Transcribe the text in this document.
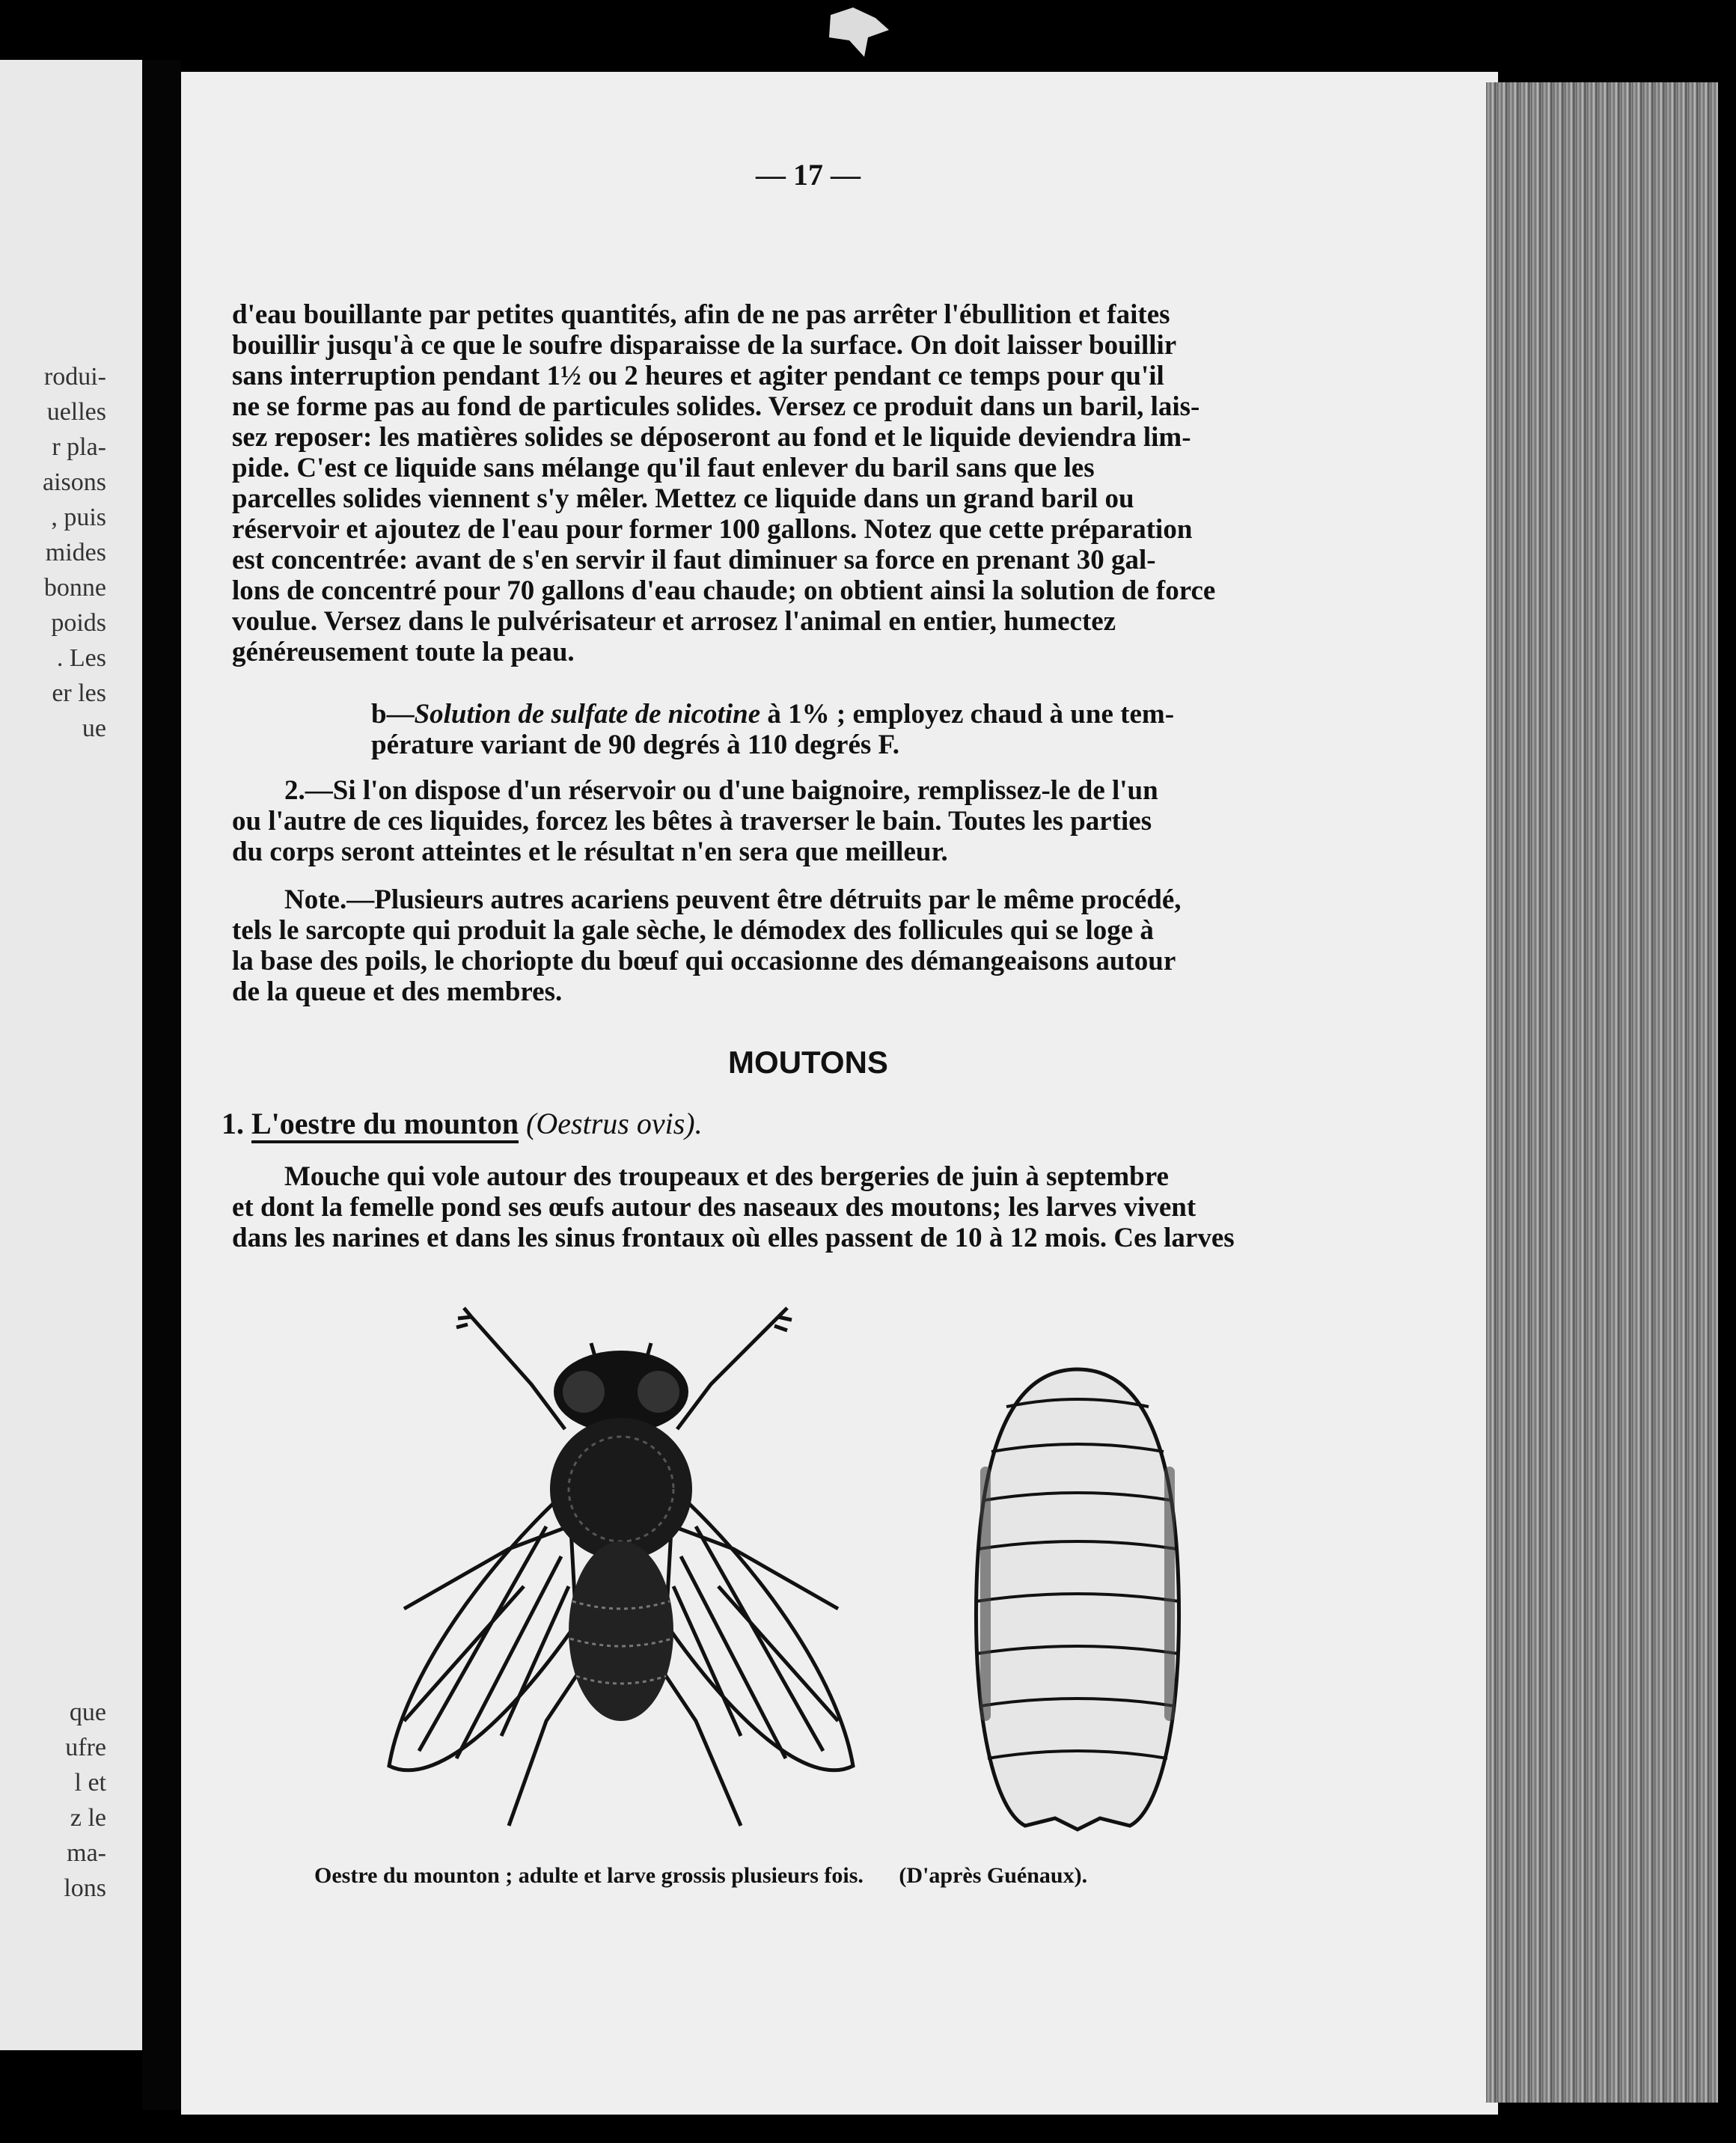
rodui-
uelles
r pla-
aisons
, puis
mides
bonne
poids
. Les
er les
ue
que
ufre
l et
z le
ma-
lons
— 17 —

d'eau bouillante par petites quantités, afin de ne pas arrêter l'ébullition et faites

bouillir jusqu'à ce que le soufre disparaisse de la surface. On doit laisser bouillir

sans interruption pendant 1½ ou 2 heures et agiter pendant ce temps pour qu'il

ne se forme pas au fond de particules solides. Versez ce produit dans un baril, lais-

sez reposer: les matières solides se déposeront au fond et le liquide deviendra lim-

pide. C'est ce liquide sans mélange qu'il faut enlever du baril sans que les

parcelles solides viennent s'y mêler. Mettez ce liquide dans un grand baril ou

réservoir et ajoutez de l'eau pour former 100 gallons. Notez que cette préparation

est concentrée: avant de s'en servir il faut diminuer sa force en prenant 30 gal-

lons de concentré pour 70 gallons d'eau chaude; on obtient ainsi la solution de force

voulue. Versez dans le pulvérisateur et arrosez l'animal en entier, humectez

généreusement toute la peau.

b—Solution de sulfate de nicotine à 1% ; employez chaud à une tem-

pérature variant de 90 degrés à 110 degrés F.

2.—Si l'on dispose d'un réservoir ou d'une baignoire, remplissez-le de l'un

ou l'autre de ces liquides, forcez les bêtes à traverser le bain. Toutes les parties

du corps seront atteintes et le résultat n'en sera que meilleur.

Note.—Plusieurs autres acariens peuvent être détruits par le même procédé,

tels le sarcopte qui produit la gale sèche, le démodex des follicules qui se loge à

la base des poils, le chorioptе du bœuf qui occasionne des démangeaisons autour

de la queue et des membres.

MOUTONS
1. L'oestre du mounton (Oestrus ovis).

Mouche qui vole autour des troupeaux et des bergeries de juin à septembre

et dont la femelle pond ses œufs autour des naseaux des moutons; les larves vivent

dans les narines et dans les sinus frontaux où elles passent de 10 à 12 mois. Ces larves

Oestre du mounton ; adulte et larve grossis plusieurs fois. (D'après Guénaux).
